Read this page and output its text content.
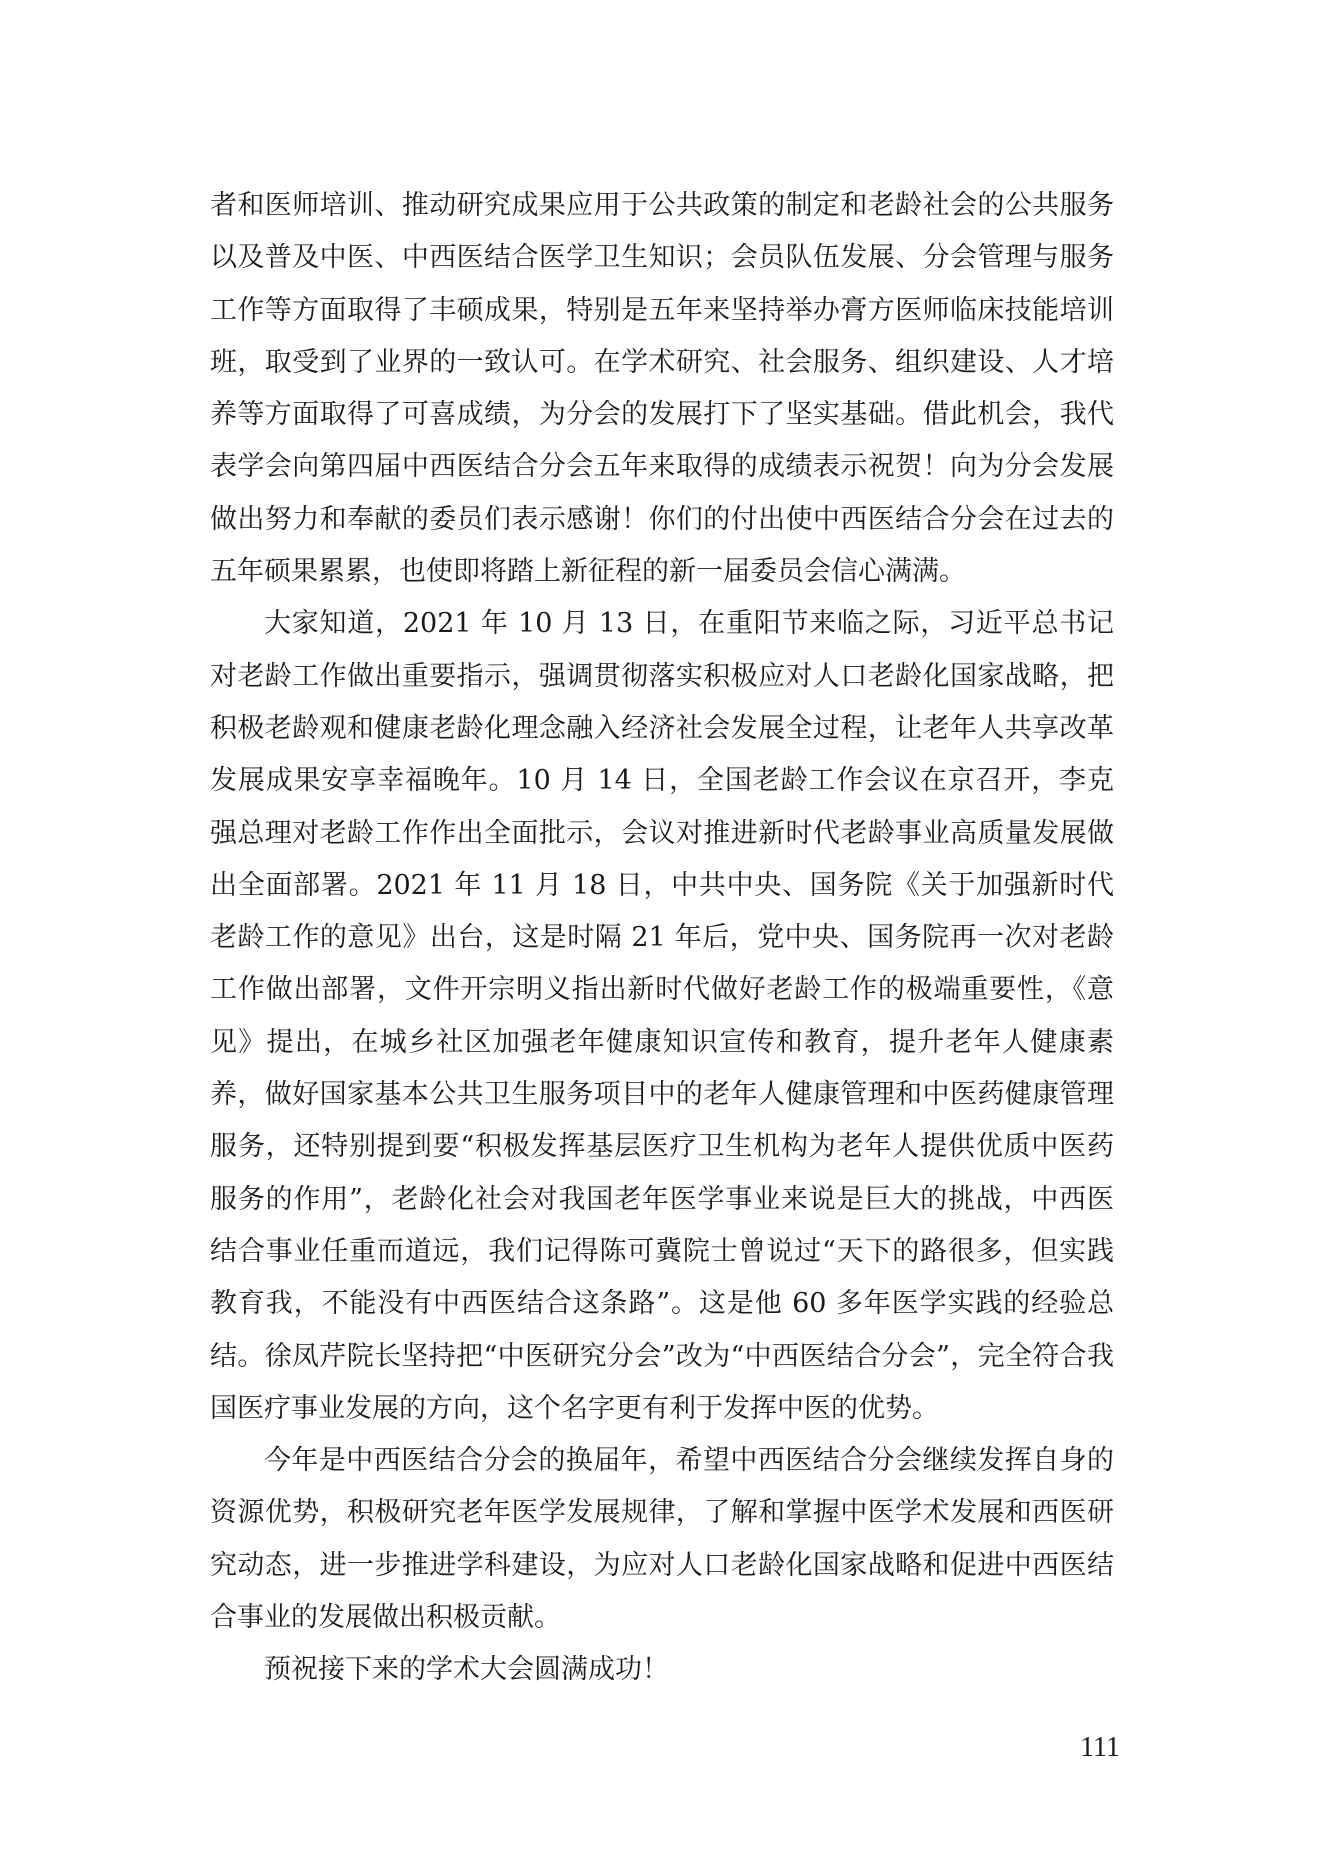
者和医师培训、推动研究成果应用于公共政策的制定和老龄社会的公共服务以及普及中医、中西医结合医学卫生知识；会员队伍发展、分会管理与服务工作等方面取得了丰硕成果，特别是五年来坚持举办膏方医师临床技能培训班，取受到了业界的一致认可。在学术研究、社会服务、组织建设、人才培养等方面取得了可喜成绩，为分会的发展打下了坚实基础。借此机会，我代表学会向第四届中西医结合分会五年来取得的成绩表示祝贺！向为分会发展做出努力和奉献的委员们表示感谢！你们的付出使中西医结合分会在过去的五年硕果累累，也使即将踏上新征程的新一届委员会信心满满。

大家知道，2021 年 10 月 13 日，在重阳节来临之际，习近平总书记对老龄工作做出重要指示，强调贯彻落实积极应对人口老龄化国家战略，把积极老龄观和健康老龄化理念融入经济社会发展全过程，让老年人共享改革发展成果安享幸福晚年。10 月 14 日，全国老龄工作会议在京召开，李克强总理对老龄工作作出全面批示，会议对推进新时代老龄事业高质量发展做出全面部署。2021 年 11 月 18 日，中共中央、国务院《关于加强新时代老龄工作的意见》出台，这是时隔 21 年后，党中央、国务院再一次对老龄工作做出部署，文件开宗明义指出新时代做好老龄工作的极端重要性，《意见》提出，在城乡社区加强老年健康知识宣传和教育，提升老年人健康素养，做好国家基本公共卫生服务项目中的老年人健康管理和中医药健康管理服务，还特别提到要“积极发挥基层医疗卫生机构为老年人提供优质中医药服务的作用”，老龄化社会对我国老年医学事业来说是巨大的挑战，中西医结合事业任重而道远，我们记得陈可冀院士曾说过“天下的路很多，但实践教育我，不能没有中西医结合这条路”。这是他 60 多年医学实践的经验总结。徐凤芹院长坚持把“中医研究分会”改为“中西医结合分会”，完全符合我国医疗事业发展的方向，这个名字更有利于发挥中医的优势。

今年是中西医结合分会的换届年，希望中西医结合分会继续发挥自身的资源优势，积极研究老年医学发展规律，了解和掌握中医学术发展和西医研究动态，进一步推进学科建设，为应对人口老龄化国家战略和促进中西医结合事业的发展做出积极贡献。

预祝接下来的学术大会圆满成功！

111
